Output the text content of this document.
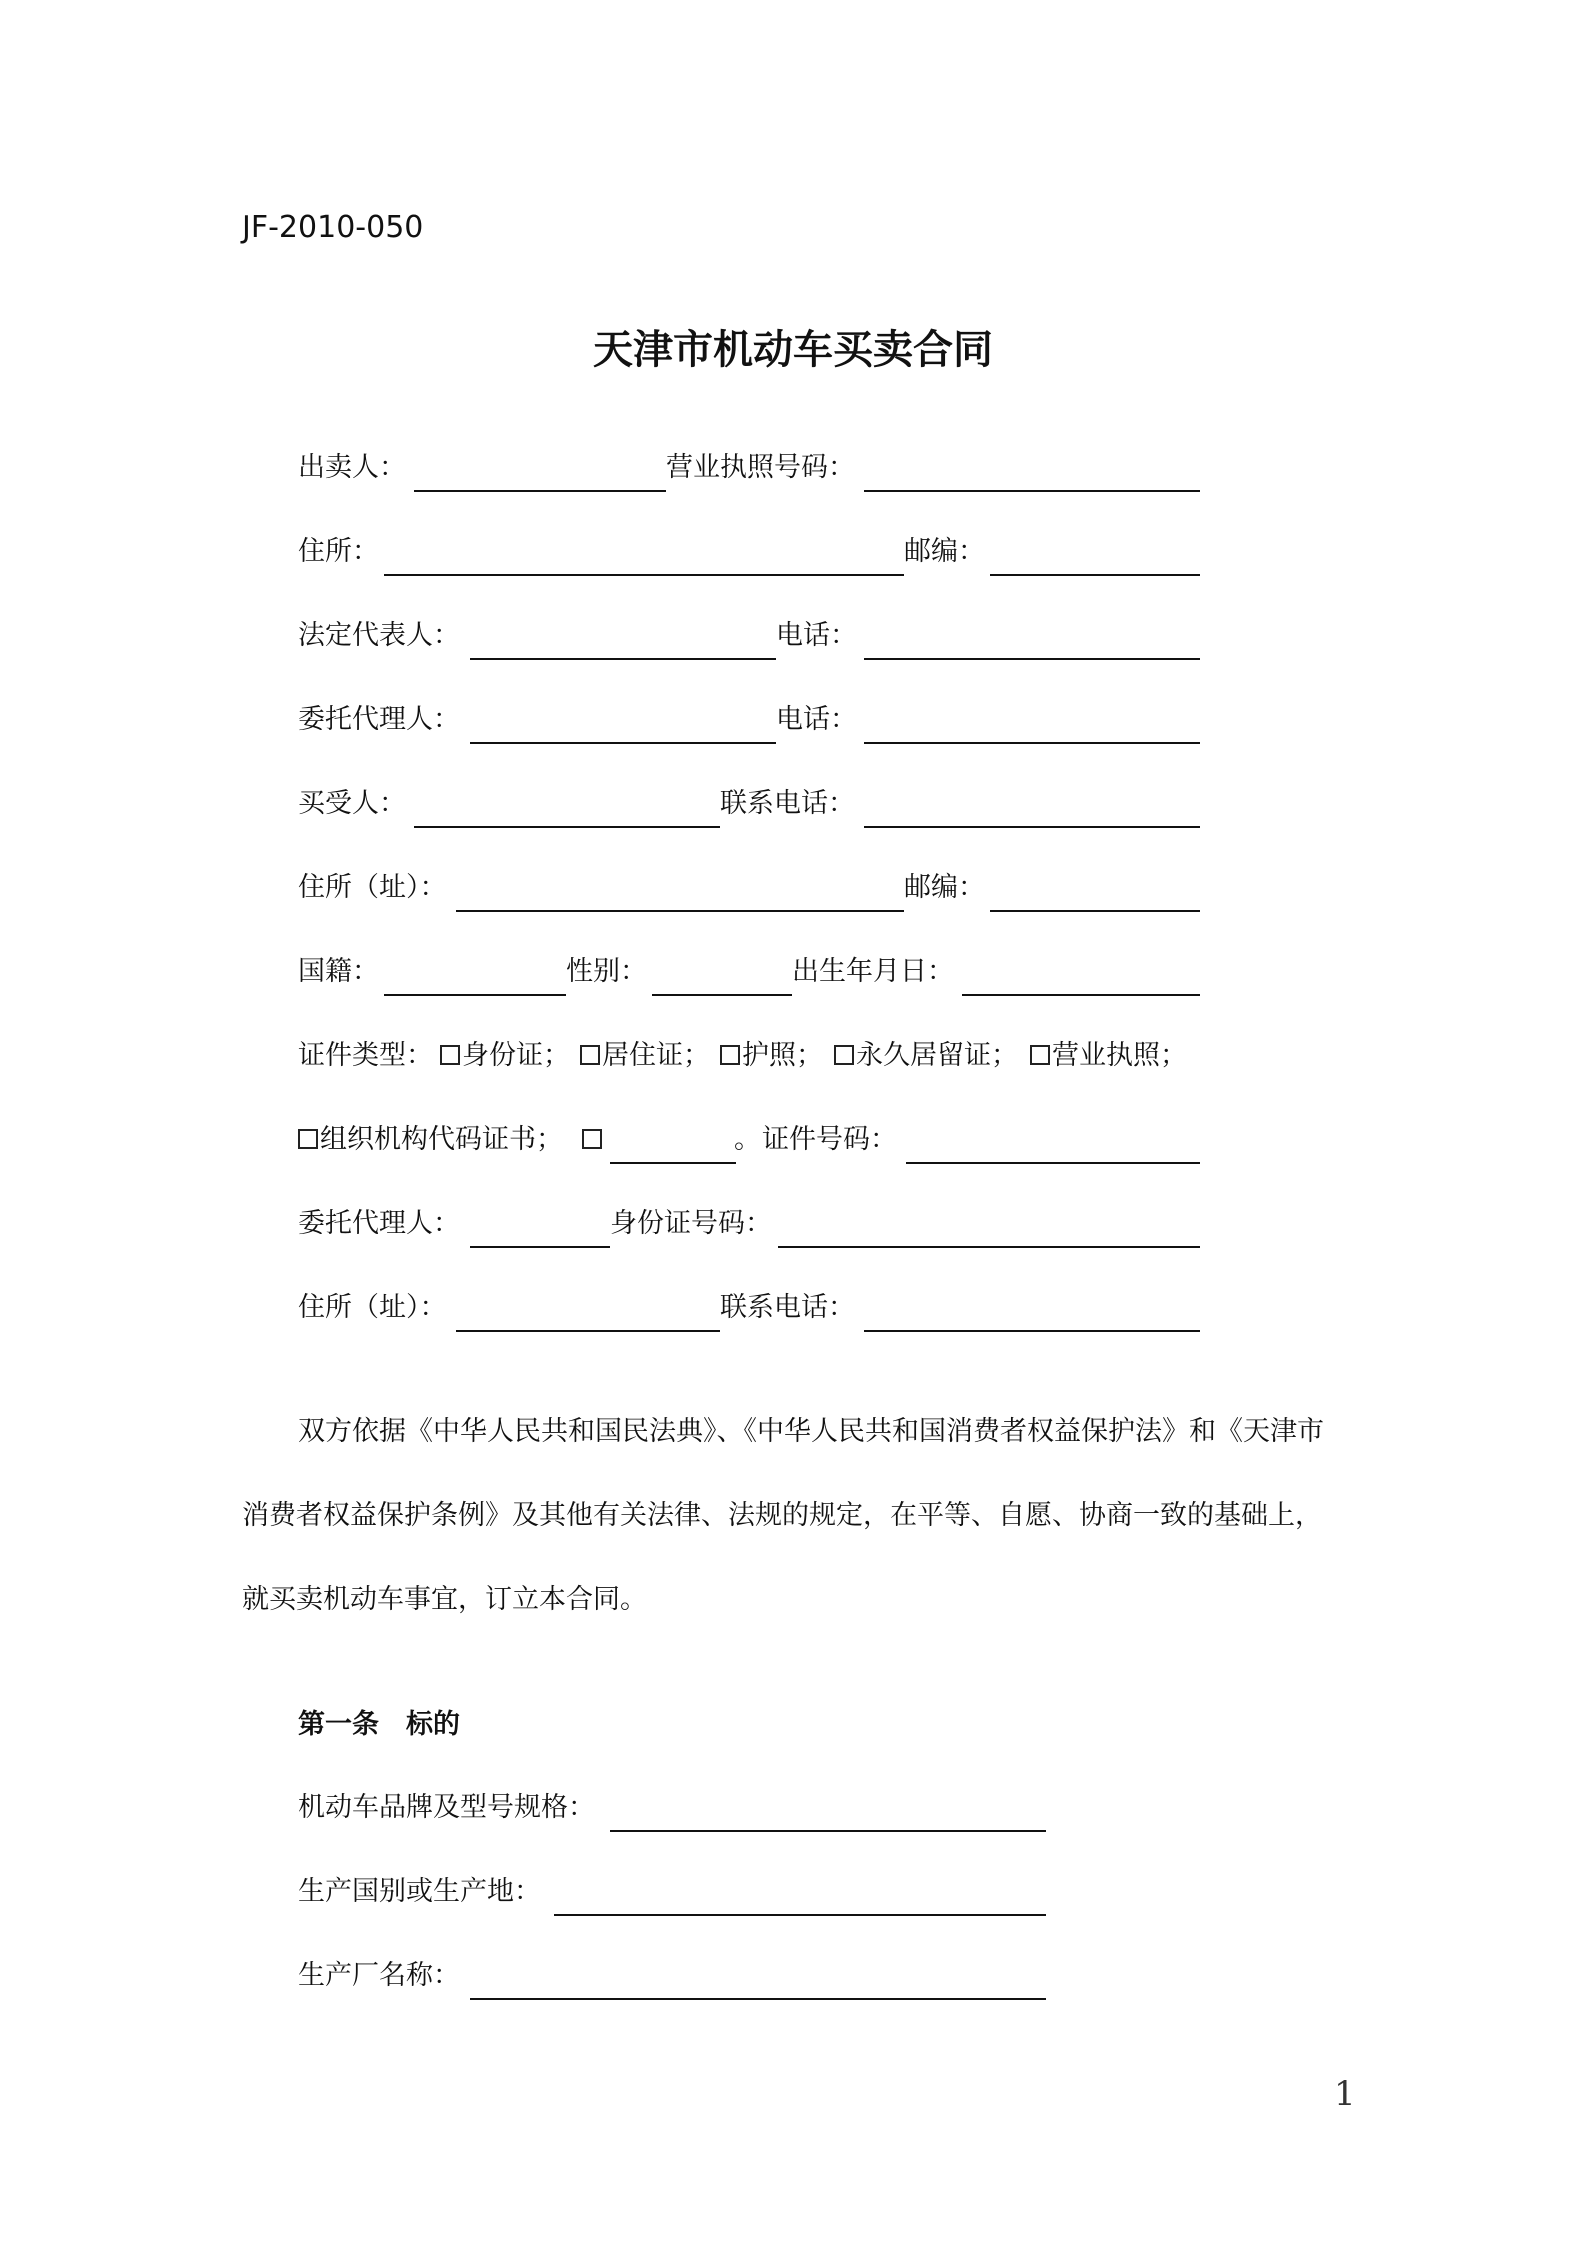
JF-2010-050
天津市机动车买卖合同
出卖人：	营业执照号码：
住所：	邮编：
法定代表人：	电话：
委托代理人：	电话：
买受人：	联系电话：
住所（址）：	邮编：
国籍：	性别：	出生年月日：
证件类型：	身份证；	居住证；	护照；	永久居留证；	营业执照；
组织机构代码证书；	。 证件号码：
委托代理人：	身份证号码：
住所（址）：	联系电话：
双方依据《中华人民共和国民法典》、《中华人民共和国消费者权益保护法》和《天津市
消费者权益保护条例》及其他有关法律、法规的规定，在平等、自愿、协商一致的基础上，
就买卖机动车事宜，订立本合同。
第一条　标的
机动车品牌及型号规格：
生产国别或生产地：
生产厂名称：
1
